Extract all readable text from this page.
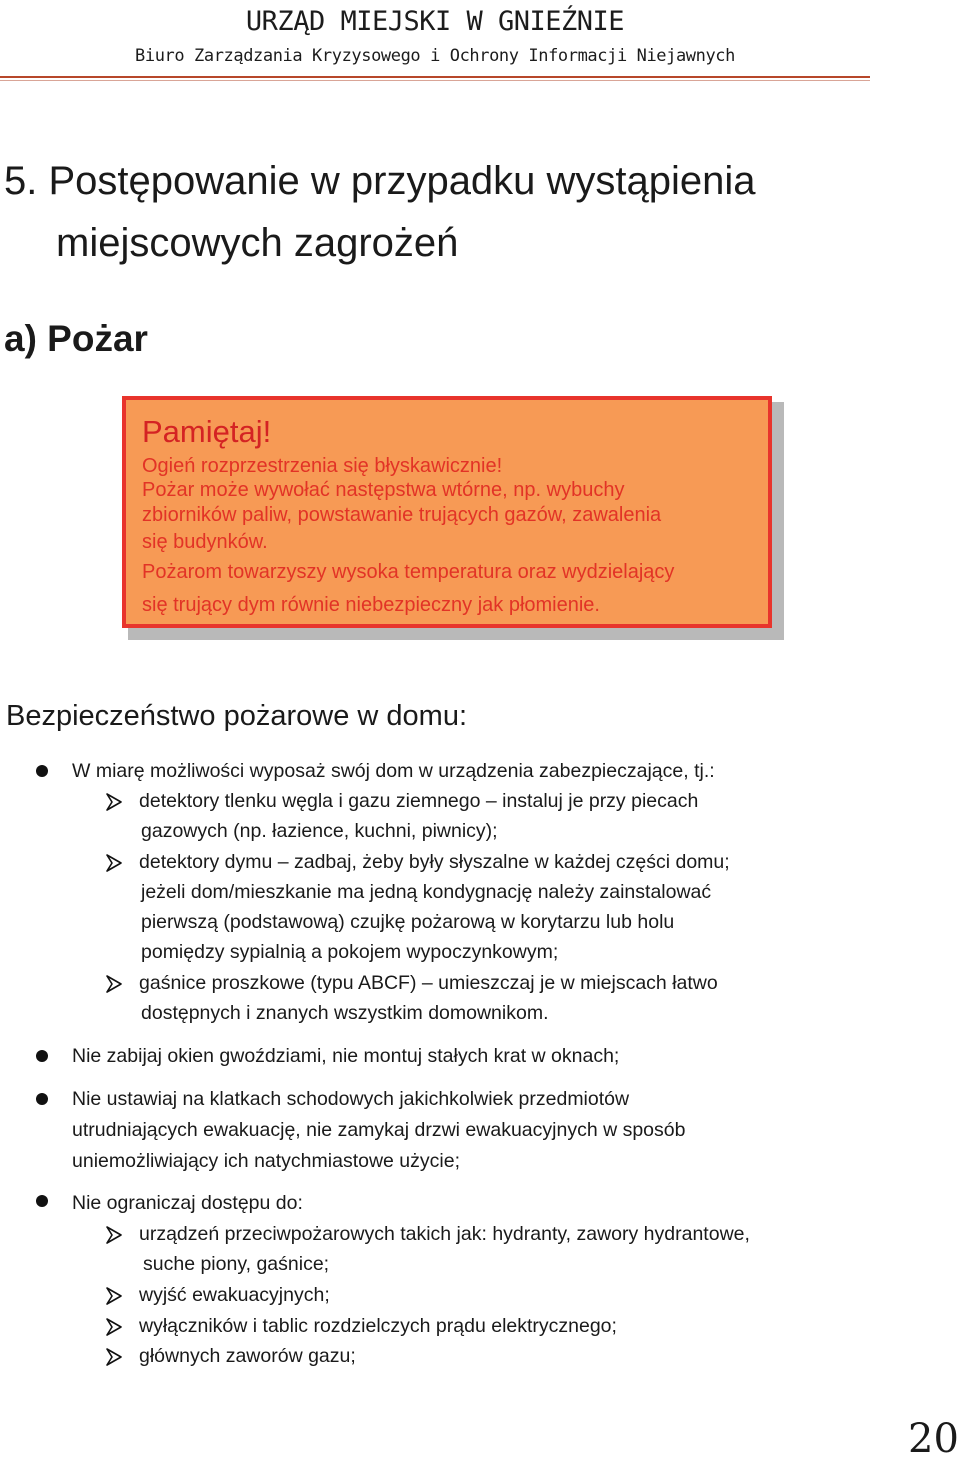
URZĄD MIEJSKI W GNIEŹNIE
Biuro Zarządzania Kryzysowego i Ochrony Informacji Niejawnych
5. Postępowanie w przypadku wystąpienia
miejscowych zagrożeń
a) Pożar
Pamiętaj!
Ogień rozprzestrzenia się błyskawicznie!
Pożar może wywołać następstwa wtórne, np. wybuchy
zbiorników paliw, powstawanie trujących gazów, zawalenia
się budynków.
Pożarom towarzyszy wysoka temperatura oraz wydzielający
się trujący dym równie niebezpieczny jak płomienie.
Bezpieczeństwo pożarowe w domu:
W miarę możliwości wyposaż swój dom w urządzenia zabezpieczające, tj.:
detektory tlenku węgla i gazu ziemnego – instaluj je przy piecach
gazowych (np. łazience, kuchni, piwnicy);
detektory dymu – zadbaj, żeby były słyszalne w każdej części domu;
jeżeli dom/mieszkanie ma jedną kondygnację należy zainstalować
pierwszą (podstawową) czujkę pożarową w korytarzu lub holu
pomiędzy sypialnią a pokojem wypoczynkowym;
gaśnice proszkowe (typu ABCF) – umieszczaj je w miejscach łatwo
dostępnych i znanych wszystkim domownikom.
Nie zabijaj okien gwoździami, nie montuj stałych krat w oknach;
Nie ustawiaj na klatkach schodowych jakichkolwiek przedmiotów
utrudniających ewakuację, nie zamykaj drzwi ewakuacyjnych w sposób
uniemożliwiający ich natychmiastowe użycie;
Nie ograniczaj dostępu do:
urządzeń przeciwpożarowych takich jak: hydranty, zawory hydrantowe,
suche piony, gaśnice;
wyjść ewakuacyjnych;
wyłączników i tablic rozdzielczych prądu elektrycznego;
głównych zaworów gazu;
20
